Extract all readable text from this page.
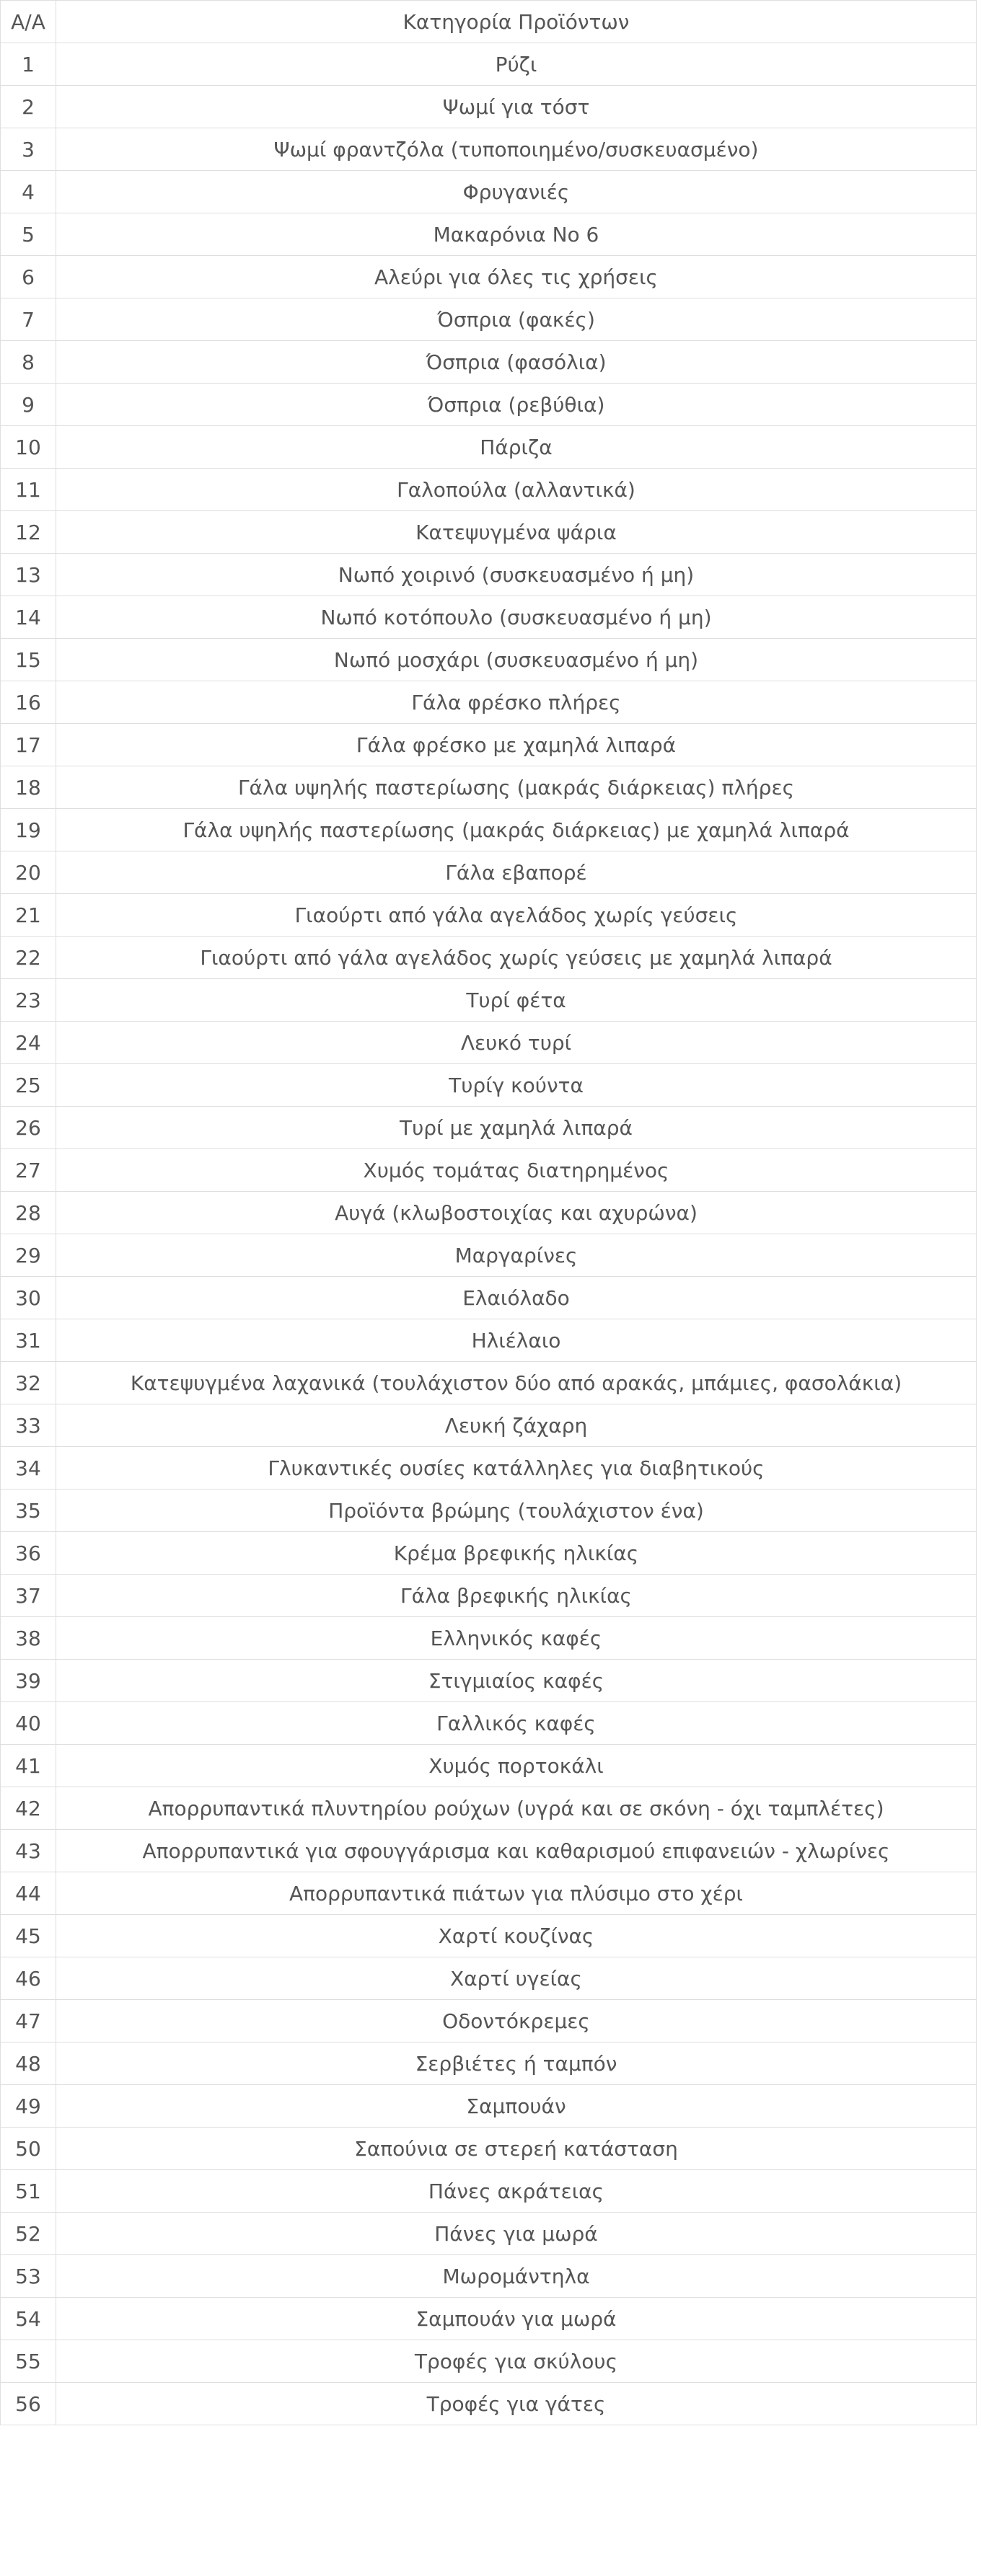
A/A	Κατηγορία Προϊόντων
1	Ρύζι
2	Ψωμί για τόστ
3	Ψωμί φραντζόλα (τυποποιημένο/συσκευασμένο)
4	Φρυγανιές
5	Μακαρόνια Νο 6
6	Αλεύρι για όλες τις χρήσεις
7	Όσπρια (φακές)
8	Όσπρια (φασόλια)
9	Όσπρια (ρεβύθια)
10	Πάριζα
11	Γαλοπούλα (αλλαντικά)
12	Κατεψυγμένα ψάρια
13	Νωπό χοιρινό (συσκευασμένο ή μη)
14	Νωπό κοτόπουλο (συσκευασμένο ή μη)
15	Νωπό μοσχάρι (συσκευασμένο ή μη)
16	Γάλα φρέσκο πλήρες
17	Γάλα φρέσκο με χαμηλά λιπαρά
18	Γάλα υψηλής παστερίωσης (μακράς διάρκειας) πλήρες
19	Γάλα υψηλής παστερίωσης (μακράς διάρκειας) με χαμηλά λιπαρά
20	Γάλα εβαπορέ
21	Γιαούρτι από γάλα αγελάδος χωρίς γεύσεις
22	Γιαούρτι από γάλα αγελάδος χωρίς γεύσεις με χαμηλά λιπαρά
23	Τυρί φέτα
24	Λευκό τυρί
25	Τυρίγ κούντα
26	Τυρί με χαμηλά λιπαρά
27	Χυμός τομάτας διατηρημένος
28	Αυγά (κλωβοστοιχίας και αχυρώνα)
29	Μαργαρίνες
30	Ελαιόλαδο
31	Ηλιέλαιο
32	Κατεψυγμένα λαχανικά (τουλάχιστον δύο από αρακάς, μπάμιες, φασολάκια)
33	Λευκή ζάχαρη
34	Γλυκαντικές ουσίες κατάλληλες για διαβητικούς
35	Προϊόντα βρώμης (τουλάχιστον ένα)
36	Κρέμα βρεφικής ηλικίας
37	Γάλα βρεφικής ηλικίας
38	Ελληνικός καφές
39	Στιγμιαίος καφές
40	Γαλλικός καφές
41	Χυμός πορτοκάλι
42	Απορρυπαντικά πλυντηρίου ρούχων (υγρά και σε σκόνη - όχι ταμπλέτες)
43	Απορρυπαντικά για σφουγγάρισμα και καθαρισμού επιφανειών - χλωρίνες
44	Απορρυπαντικά πιάτων για πλύσιμο στο χέρι
45	Χαρτί κουζίνας
46	Χαρτί υγείας
47	Οδοντόκρεμες
48	Σερβιέτες ή ταμπόν
49	Σαμπουάν
50	Σαπούνια σε στερεή κατάσταση
51	Πάνες ακράτειας
52	Πάνες για μωρά
53	Μωρομάντηλα
54	Σαμπουάν για μωρά
55	Τροφές για σκύλους
56	Τροφές για γάτες
